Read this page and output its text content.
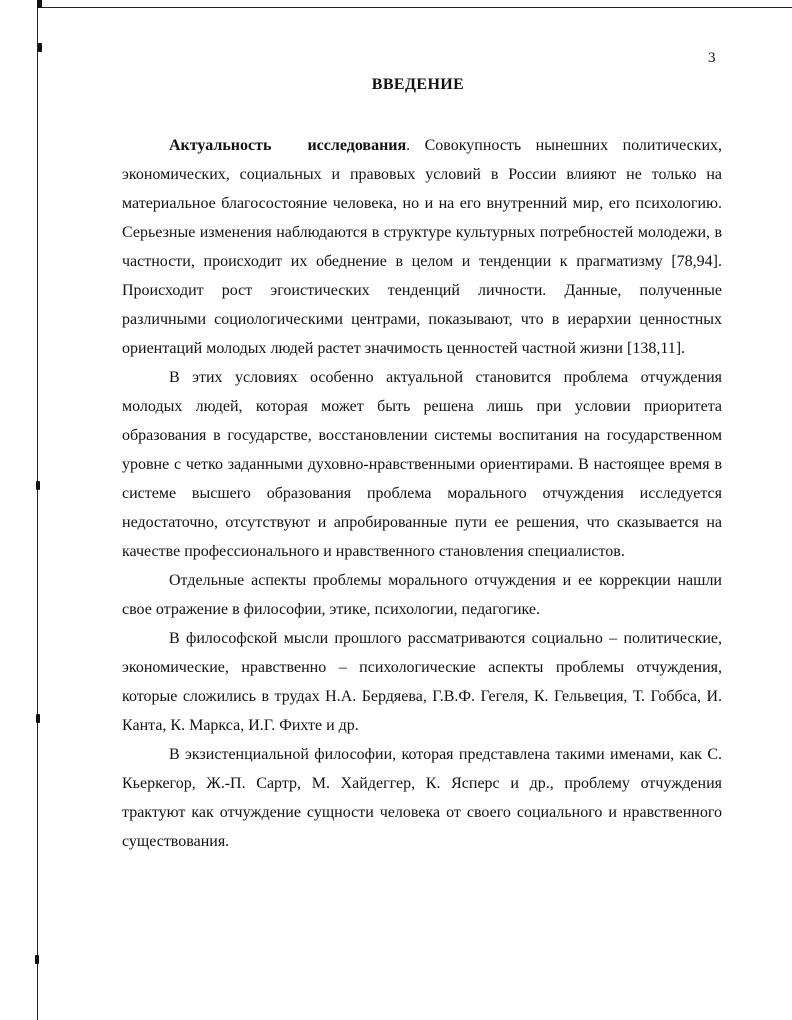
3
ВВЕДЕНИЕ

Актуальность исследования. Совокупность нынешних политических, экономических, социальных и правовых условий в России влияют не только на материальное благосостояние человека, но и на его внутренний мир, его психологию. Серьезные изменения наблюдаются в структуре культурных потребностей молодежи, в частности, происходит их обеднение в целом и тенденции к прагматизму [78,94]. Происходит рост эгоистических тенденций личности. Данные, полученные различными социологическими центрами, показывают, что в иерархии ценностных ориентаций молодых людей растет значимость ценностей частной жизни [138,11].

В этих условиях особенно актуальной становится проблема отчуждения молодых людей, которая может быть решена лишь при условии приоритета образования в государстве, восстановлении системы воспитания на государственном уровне с четко заданными духовно-нравственными ориентирами. В настоящее время в системе высшего образования проблема морального отчуждения исследуется недостаточно, отсутствуют и апробированные пути ее решения, что сказывается на качестве профессионального и нравственного становления специалистов.

Отдельные аспекты проблемы морального отчуждения и ее коррекции нашли свое отражение в философии, этике, психологии, педагогике.

В философской мысли прошлого рассматриваются социально – политические, экономические, нравственно – психологические аспекты проблемы отчуждения, которые сложились в трудах Н.А. Бердяева, Г.В.Ф. Гегеля, К. Гельвеция, Т. Гоббса, И. Канта, К. Маркса, И.Г. Фихте и др.

В экзистенциальной философии, которая представлена такими именами, как С. Кьеркегор, Ж.-П. Сартр, М. Хайдеггер, К. Ясперс и др., проблему отчуждения трактуют как отчуждение сущности человека от своего социального и нравственного существования.
